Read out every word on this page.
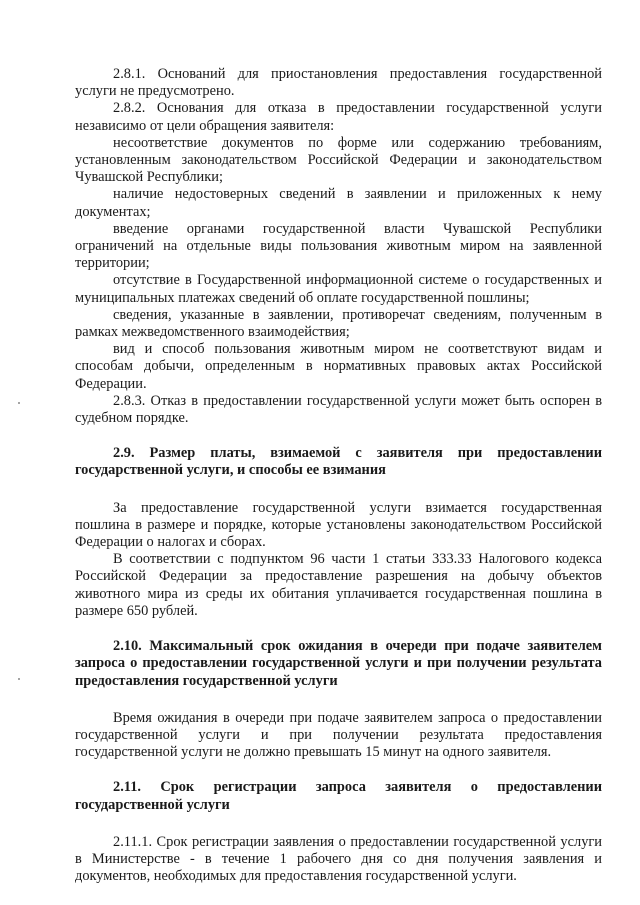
2.8.1. Оснований для приостановления предоставления государственной услуги не предусмотрено.

2.8.2. Основания для отказа в предоставлении государственной услуги независимо от цели обращения заявителя:

несоответствие документов по форме или содержанию требованиям, установленным законодательством Российской Федерации и законодательством Чувашской Республики;

наличие недостоверных сведений в заявлении и приложенных к нему документах;

введение органами государственной власти Чувашской Республики ограничений на отдельные виды пользования животным миром на заявленной территории;

отсутствие в Государственной информационной системе о государственных и муниципальных платежах сведений об оплате государственной пошлины;

сведения, указанные в заявлении, противоречат сведениям, полученным в рамках межведомственного взаимодействия;

вид и способ пользования животным миром не соответствуют видам и способам добычи, определенным в нормативных правовых актах Российской Федерации.

2.8.3. Отказ в предоставлении государственной услуги может быть оспорен в судебном порядке.

2.9. Размер платы, взимаемой с заявителя при предоставлении государственной услуги, и способы ее взимания

За предоставление государственной услуги взимается государственная пошлина в размере и порядке, которые установлены законодательством Российской Федерации о налогах и сборах.

В соответствии с подпунктом 96 части 1 статьи 333.33 Налогового кодекса Российской Федерации за предоставление разрешения на добычу объектов животного мира из среды их обитания уплачивается государственная пошлина в размере 650 рублей.

2.10. Максимальный срок ожидания в очереди при подаче заявителем запроса о предоставлении государственной услуги и при получении результата предоставления государственной услуги

Время ожидания в очереди при подаче заявителем запроса о предоставлении государственной услуги и при получении результата предоставления государственной услуги не должно превышать 15 минут на одного заявителя.

2.11. Срок регистрации запроса заявителя о предоставлении государственной услуги

2.11.1. Срок регистрации заявления о предоставлении государственной услуги в Министерстве - в течение 1 рабочего дня со дня получения заявления и документов, необходимых для предоставления государственной услуги.
